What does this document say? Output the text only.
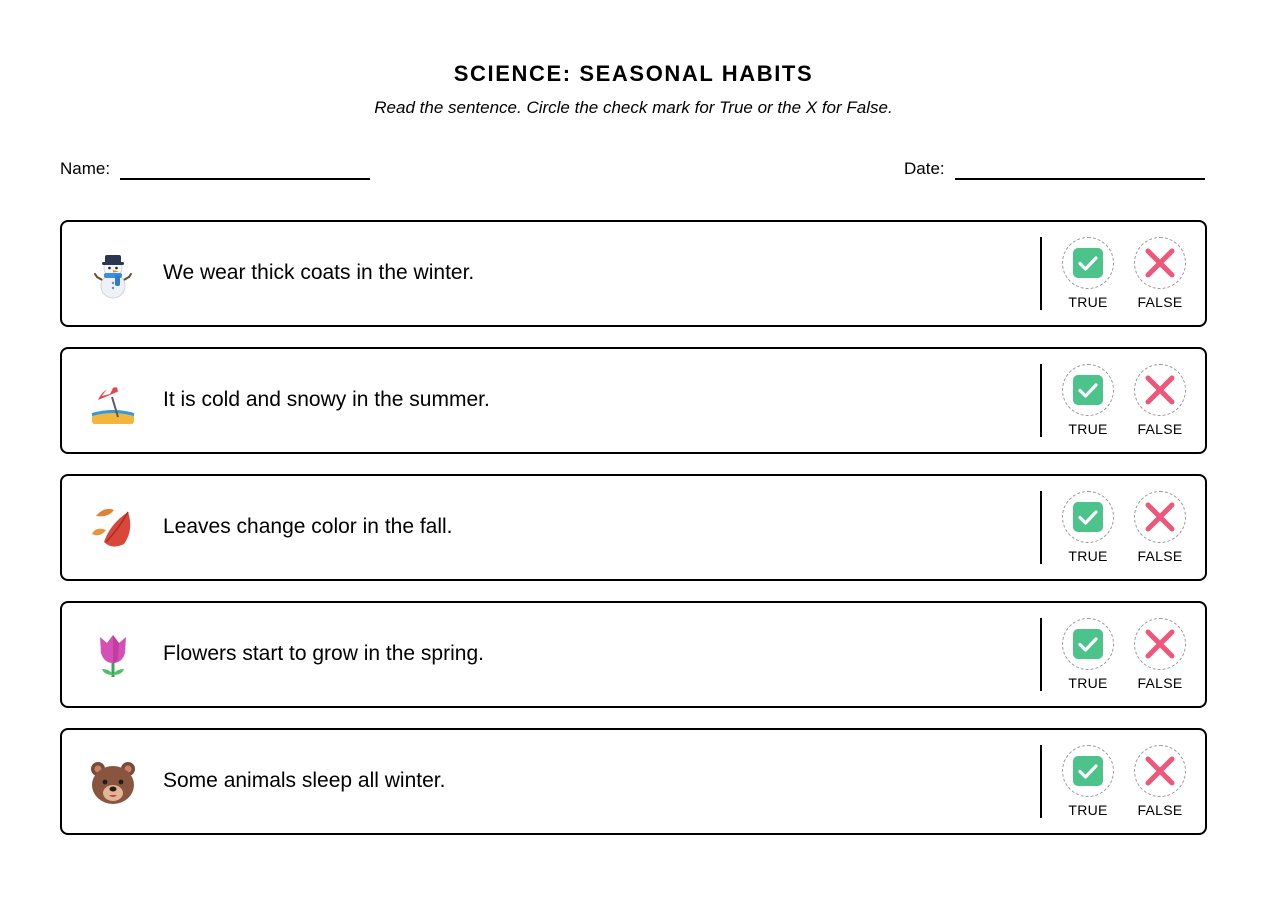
SCIENCE: SEASONAL HABITS
Read the sentence. Circle the check mark for True or the X for False.
Name:	Date:
We wear thick coats in the winter.
TRUE	FALSE
It is cold and snowy in the summer.
TRUE	FALSE
Leaves change color in the fall.
TRUE	FALSE
Flowers start to grow in the spring.
TRUE	FALSE
Some animals sleep all winter.
TRUE	FALSE
